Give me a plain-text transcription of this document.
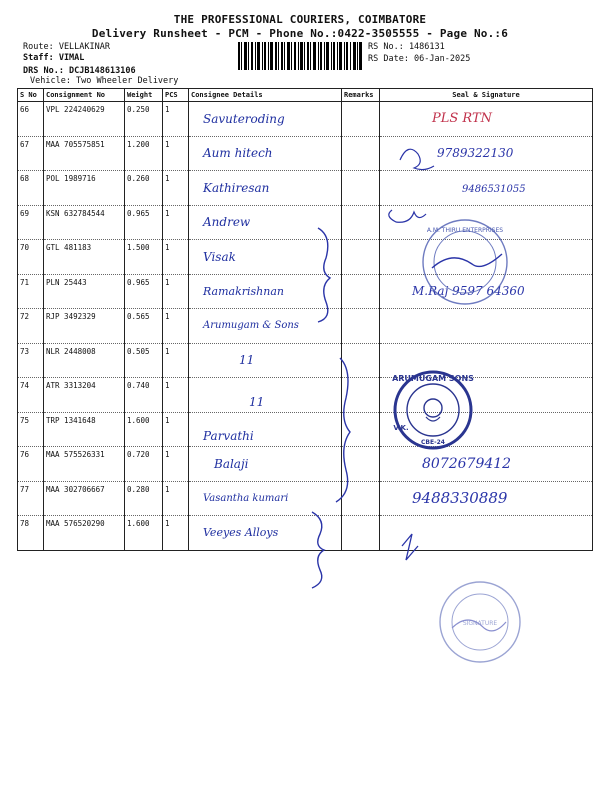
THE PROFESSIONAL COURIERS, COIMBATORE
Delivery Runsheet - PCM - Phone No.:0422-3505555 - Page No.:6
Route: VELLAKINAR
Staff: VIMAL
DRS No.: DCJB148613106
Vehicle: Two Wheeler Delivery
RS No.: 1486131
RS Date: 06-Jan-2025
S No	Consignment No	Weight	PCS	Consignee Details	Remarks	Seal & Signature
66	VPL 224240629	0.250	1	Savuteroding		PLS RTN
67	MAA 705575851	1.200	1	Aum hitech		9789322130
68	POL 1989716	0.260	1	Kathiresan		9486531055
69	KSN 632784544	0.965	1	Andrew		
70	GTL 481183	1.500	1	Visak		
71	PLN 25443	0.965	1	Ramakrishnan		M.Raj 9597 64360
72	RJP 3492329	0.565	1	Arumugam & Sons		
73	NLR 2448008	0.505	1	11		
74	ATR 3313204	0.740	1	11		
75	TRP 1341648	1.600	1	Parvathi		
76	MAA 575526331	0.720	1	Balaji		8072679412
77	MAA 302706667	0.280	1	Vasantha kumari		9488330889
78	MAA 576520290	1.600	1	Veeyes Alloys		
A.M. THIRU ENTERPRISES
ARUMUGAM SONS
V.K.
CBE-24
SIGNATURE
